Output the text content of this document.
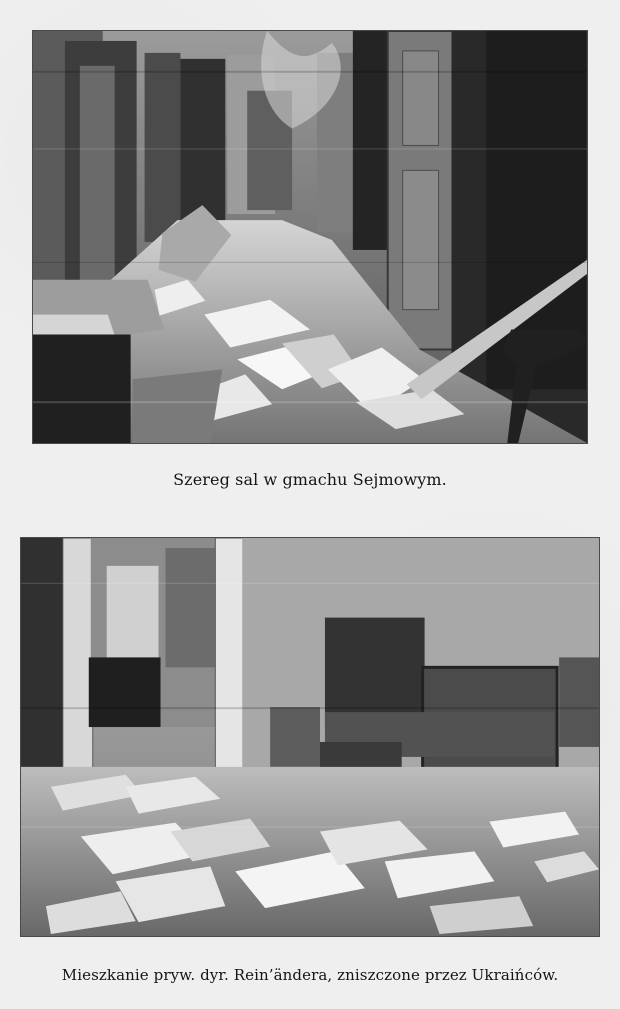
Szereg sal w gmachu Sejmowym.
Mieszkanie pryw. dyr. Rein’ändera, zniszczone przez Ukraińców.
